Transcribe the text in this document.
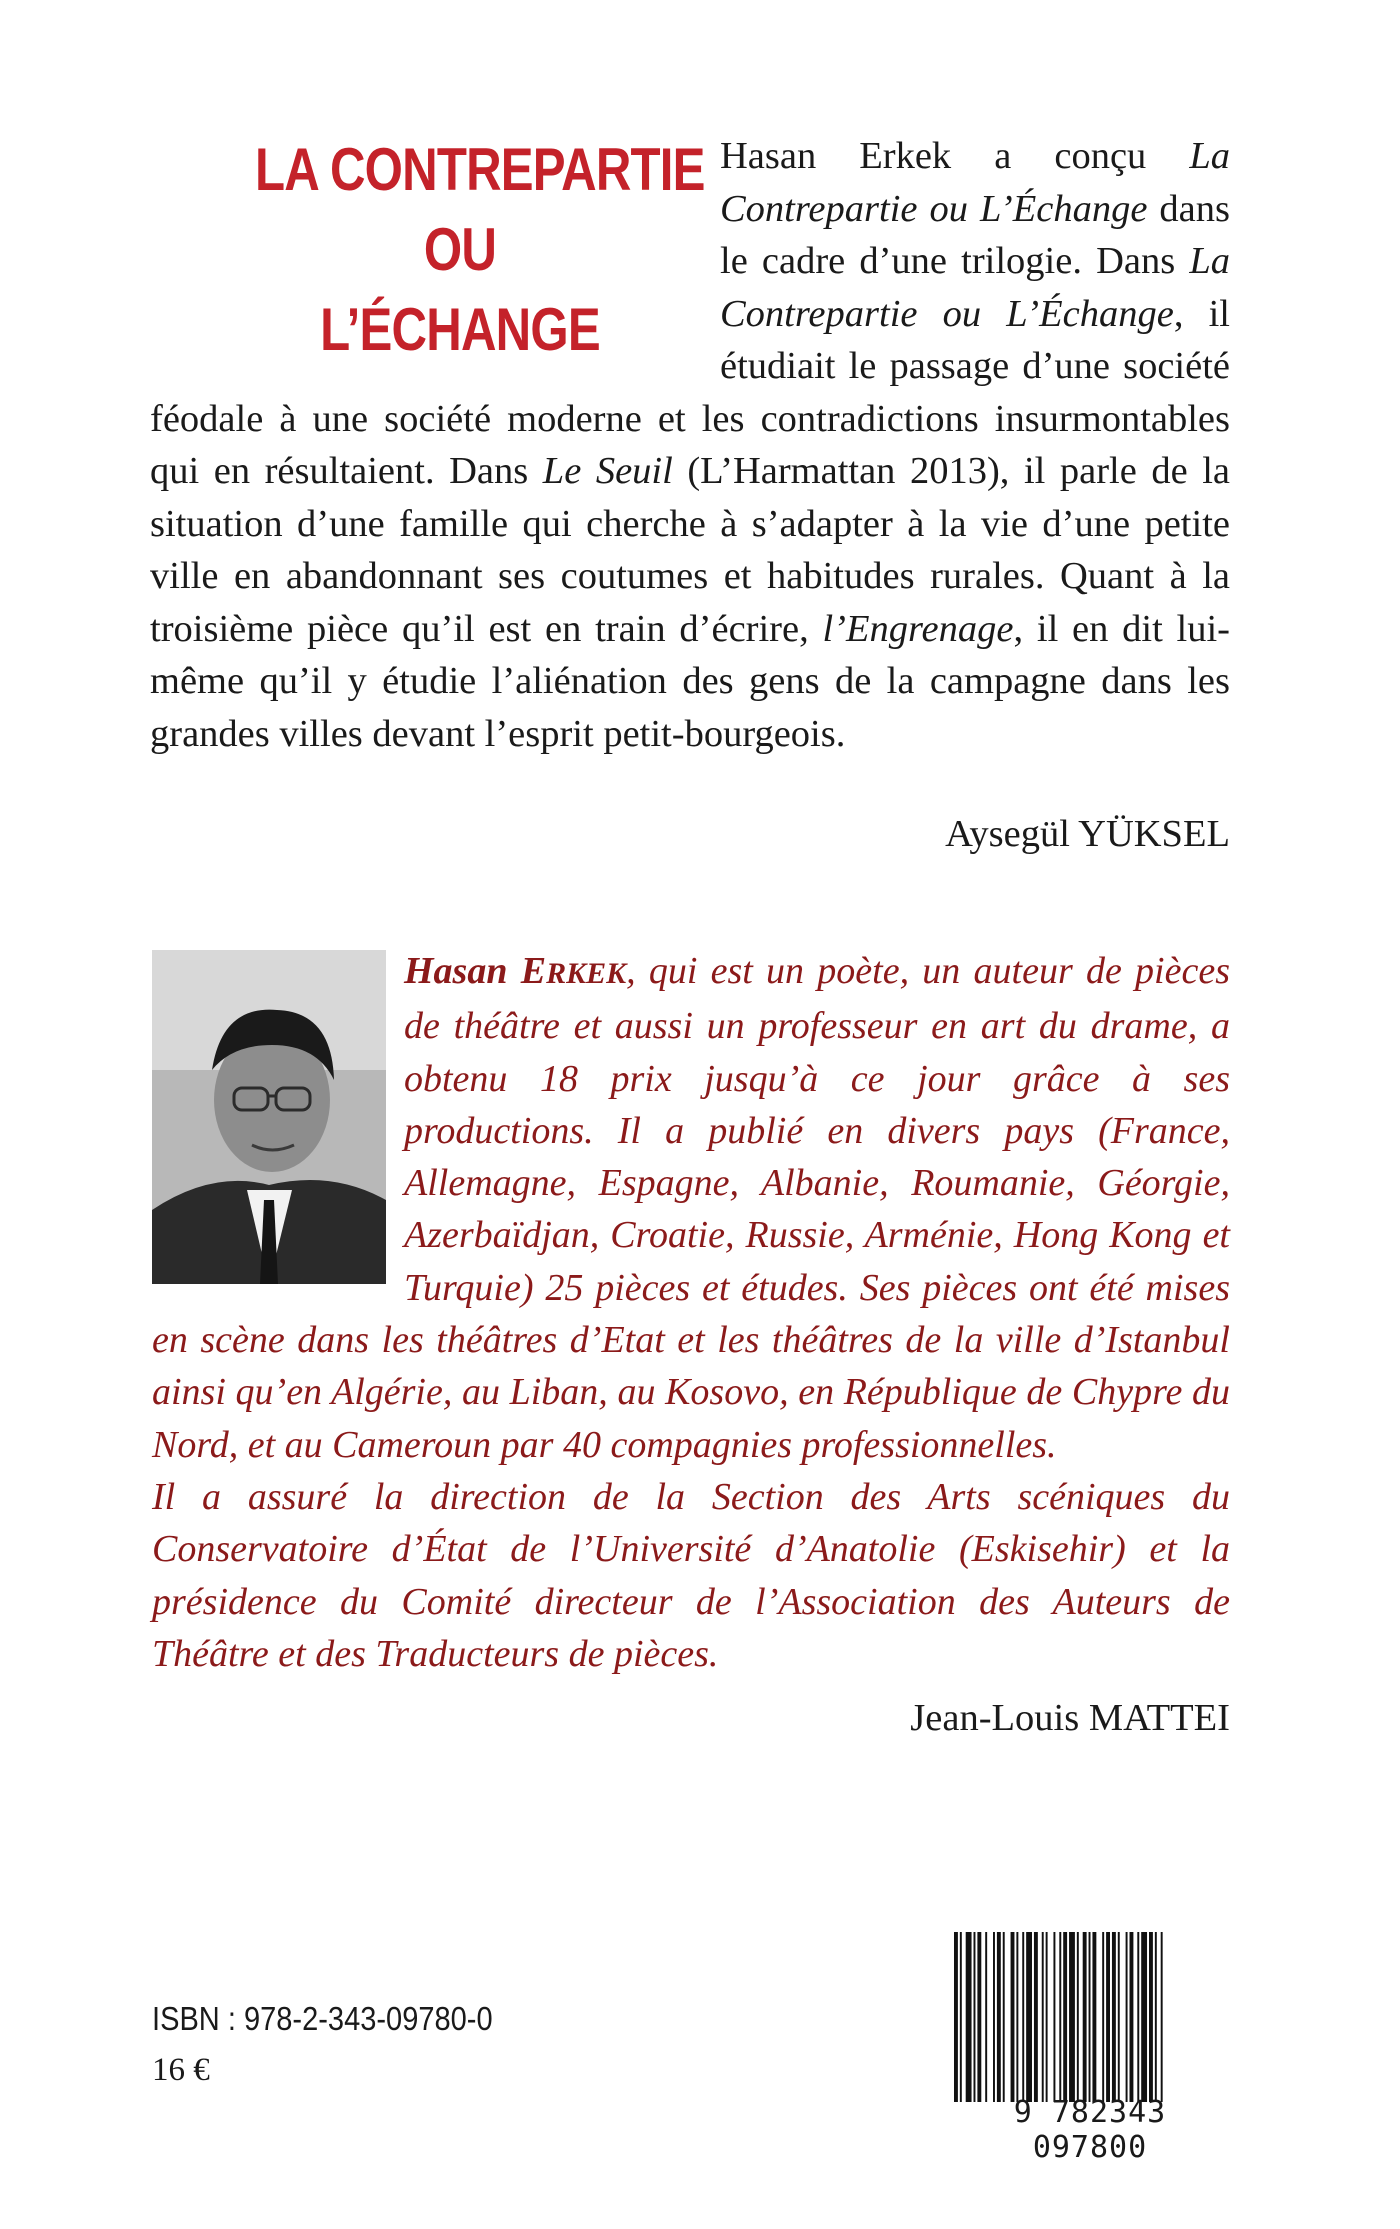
LA CONTREPARTIE
OU
L’ÉCHANGE
Hasan Erkek a conçu La Contrepartie ou L’Échange dans le cadre d’une trilogie. Dans La Contrepartie ou L’Échange, il étudiait le passage d’une société féodale à une société moderne et les contradictions insurmontables qui en résultaient. Dans Le Seuil (L’Harmattan 2013), il parle de la situation d’une famille qui cherche à s’adapter à la vie d’une petite ville en abandonnant ses coutumes et habitudes rurales. Quant à la troisième pièce qu’il est en train d’écrire, l’Engrenage, il en dit lui-même qu’il y étudie l’aliénation des gens de la campagne dans les grandes villes devant l’esprit petit-bourgeois.
Aysegül YÜKSEL
Hasan ERKEK, qui est un poète, un auteur de pièces de théâtre et aussi un professeur en art du drame, a obtenu 18 prix jusqu’à ce jour grâce à ses productions. Il a publié en divers pays (France, Allemagne, Espagne, Albanie, Roumanie, Géorgie, Azerbaïdjan, Croatie, Russie, Arménie, Hong Kong et Turquie) 25 pièces et études. Ses pièces ont été mises en scène dans les théâtres d’Etat et les théâtres de la ville d’Istanbul ainsi qu’en Algérie, au Liban, au Kosovo, en République de Chypre du Nord, et au Cameroun par 40 compagnies professionnelles.
Il a assuré la direction de la Section des Arts scéniques du Conservatoire d’État de l’Université d’Anatolie (Eskisehir) et la présidence du Comité directeur de l’Association des Auteurs de Théâtre et des Traducteurs de pièces.
Jean-Louis MATTEI
ISBN : 978-2-343-09780-0
16 €
9 782343 097800
